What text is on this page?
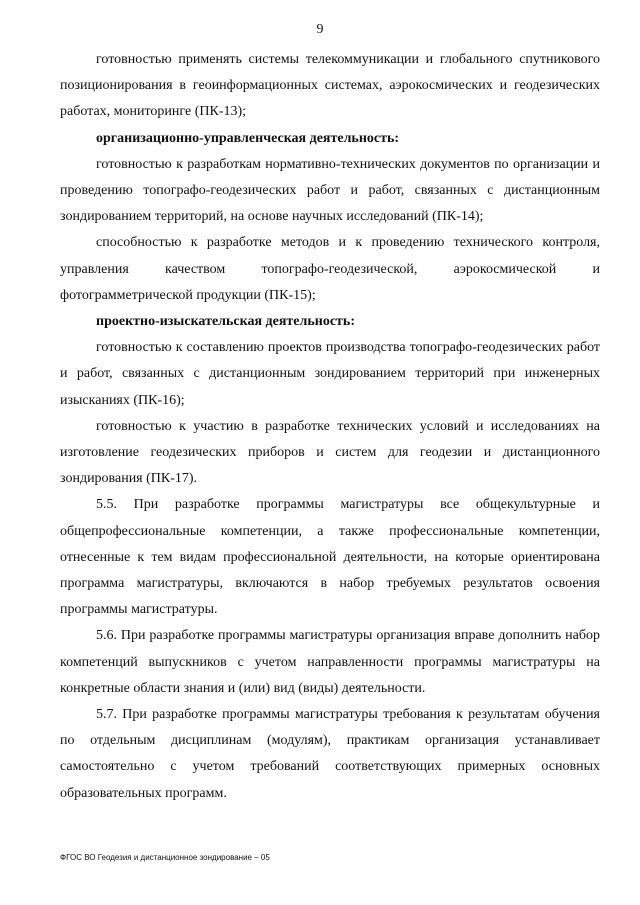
9

готовностью применять системы телекоммуникации и глобального спутникового позиционирования в геоинформационных системах, аэрокосмических и геодезических работах, мониторинге (ПК-13);

организационно-управленческая деятельность:

готовностью к разработкам нормативно-технических документов по организации и проведению топографо-геодезических работ и работ, связанных с дистанционным зондированием территорий, на основе научных исследований (ПК-14);

способностью к разработке методов и к проведению технического контроля, управления качеством топографо-геодезической, аэрокосмической и фотограмметрической продукции (ПК-15);

проектно-изыскательская деятельность:

готовностью к составлению проектов производства топографо-геодезических работ и работ, связанных с дистанционным зондированием территорий при инженерных изысканиях (ПК-16);

готовностью к участию в разработке технических условий и исследованиях на изготовление геодезических приборов и систем для геодезии и дистанционного зондирования (ПК-17).

5.5. При разработке программы магистратуры все общекультурные и общепрофессиональные компетенции, а также профессиональные компетенции, отнесенные к тем видам профессиональной деятельности, на которые ориентирована программа магистратуры, включаются в набор требуемых результатов освоения программы магистратуры.

5.6. При разработке программы магистратуры организация вправе дополнить набор компетенций выпускников с учетом направленности программы магистратуры на конкретные области знания и (или) вид (виды) деятельности.

5.7. При разработке программы магистратуры требования к результатам обучения по отдельным дисциплинам (модулям), практикам организация устанавливает самостоятельно с учетом требований соответствующих примерных основных образовательных программ.

ФГОС ВО Геодезия и дистанционное зондирование – 05
